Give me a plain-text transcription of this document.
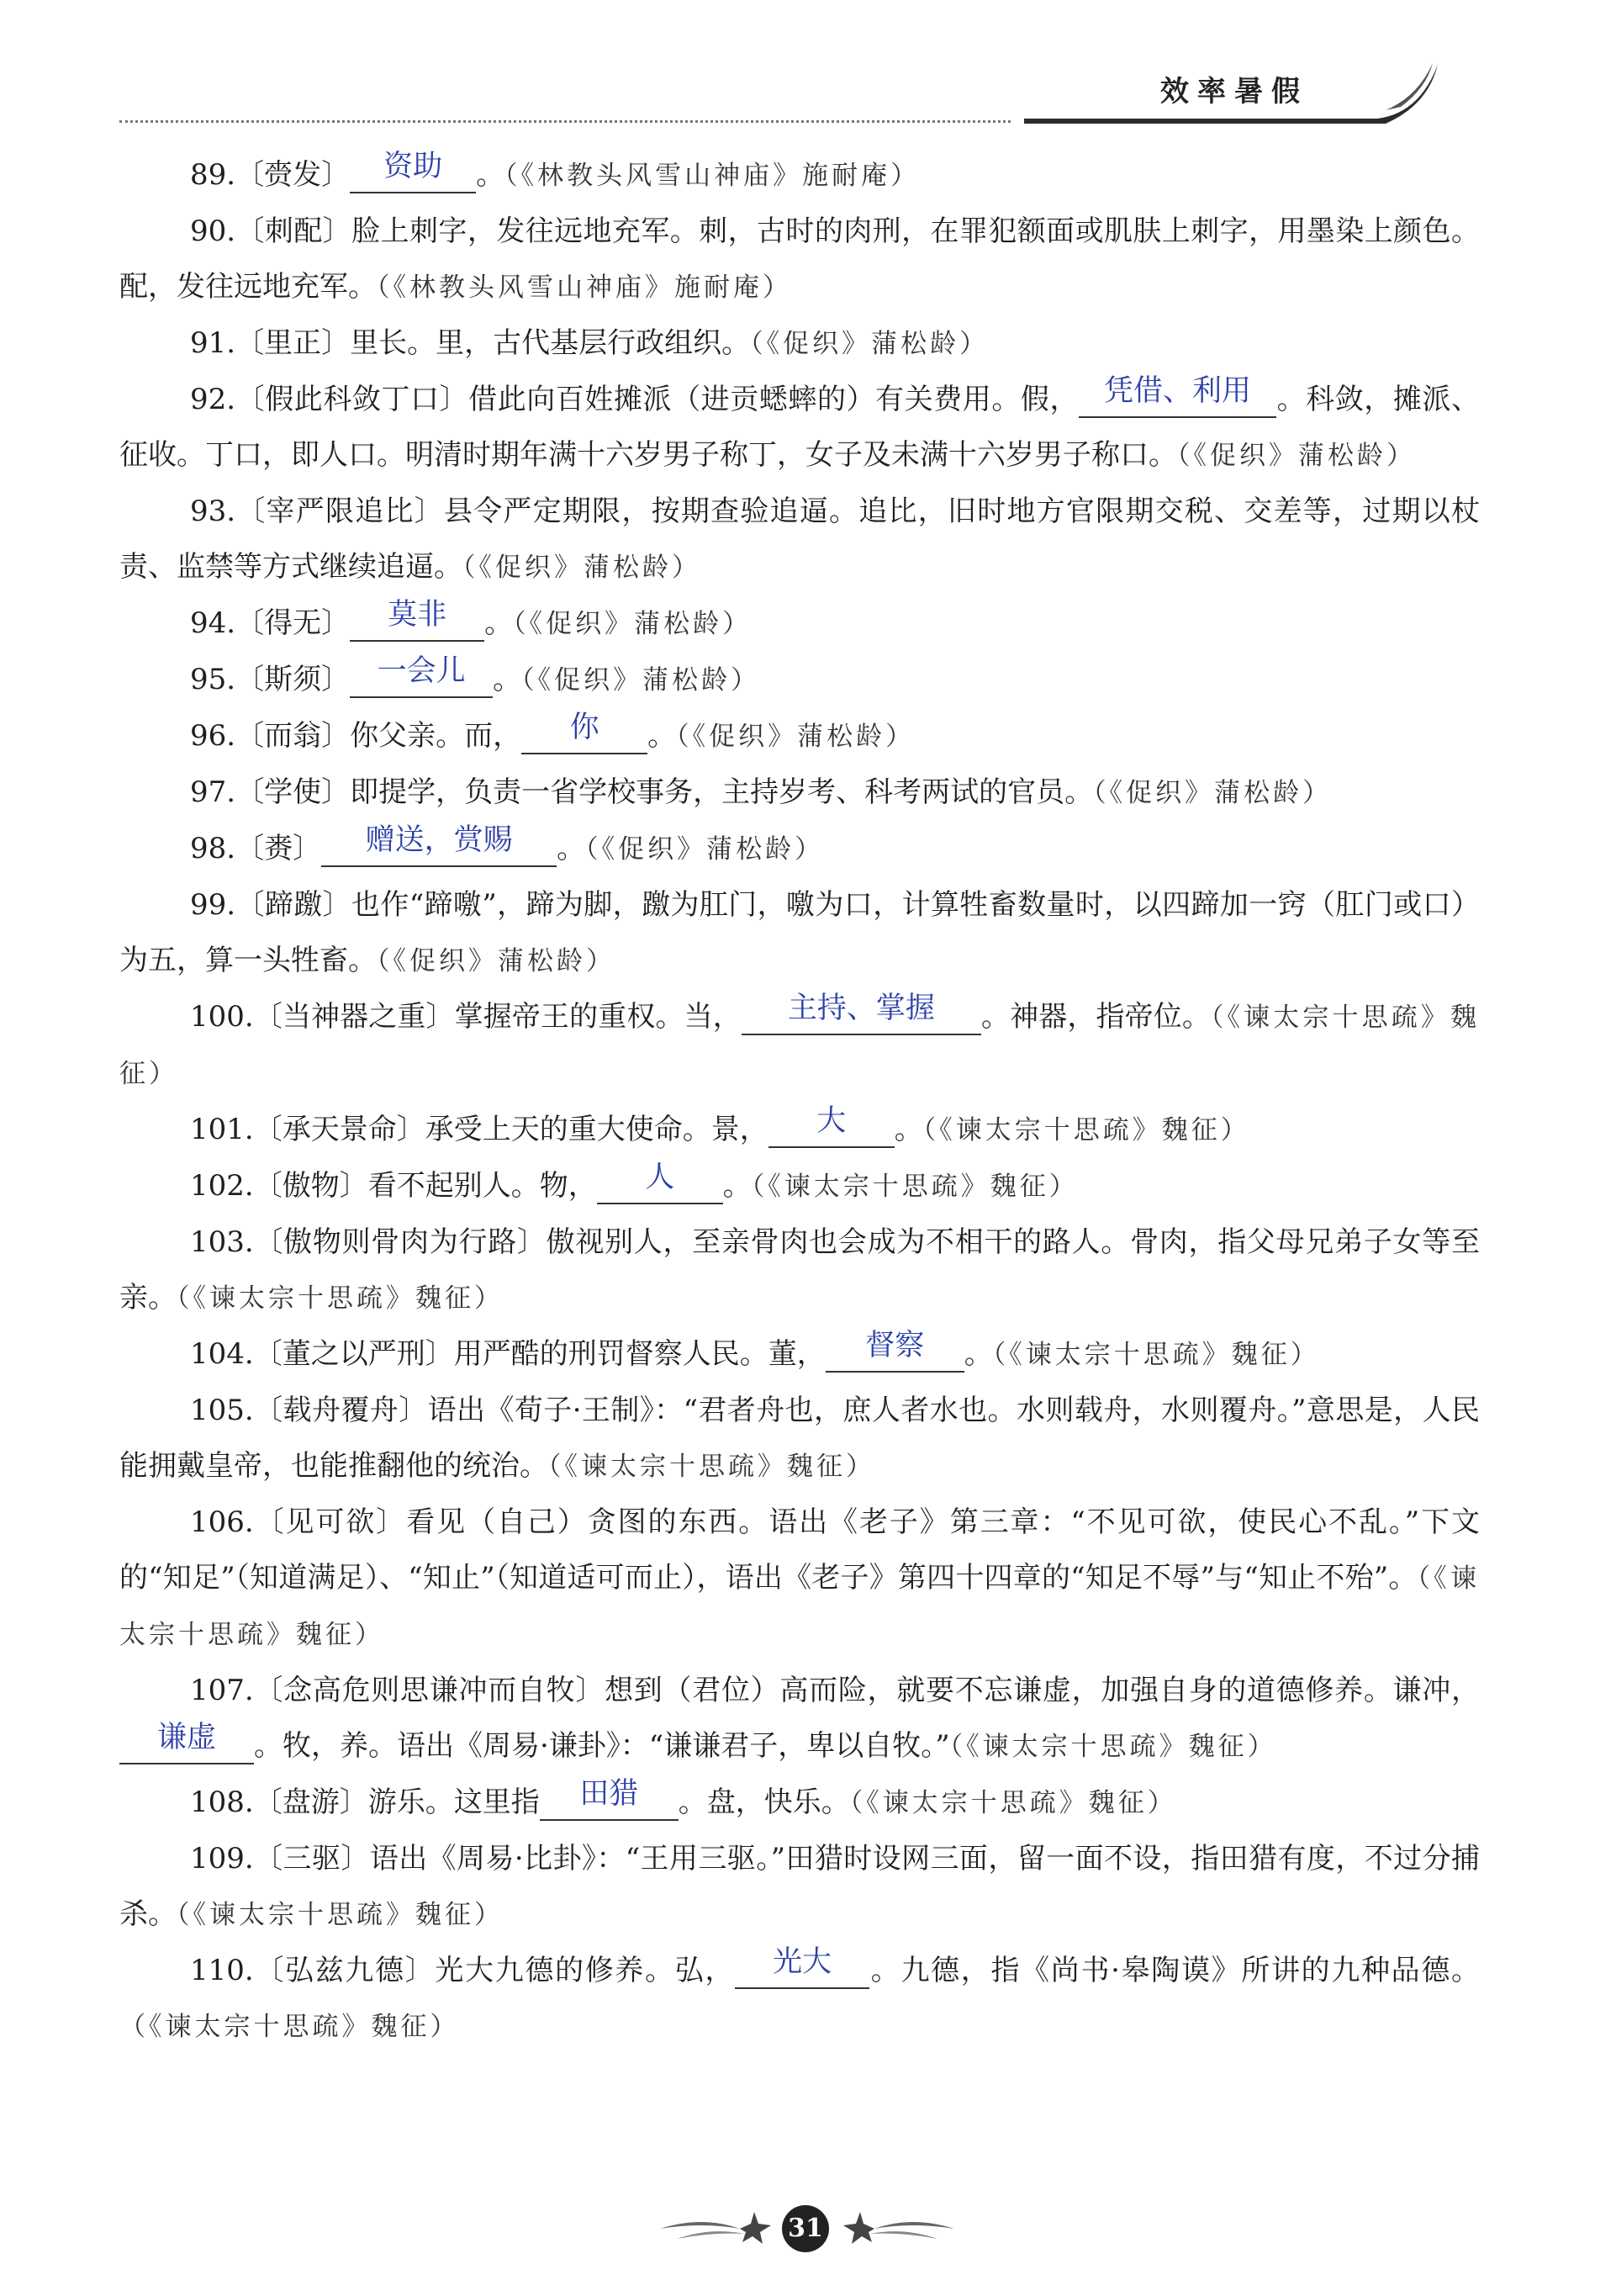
效率暑假

89.〔赍发〕 资助 。（《林教头风雪山神庙》施耐庵）

90.〔刺配〕脸上刺字，发往远地充军。刺，古时的肉刑，在罪犯额面或肌肤上刺字，用墨染上颜色。配，发往远地充军。（《林教头风雪山神庙》施耐庵）

91.〔里正〕里长。里，古代基层行政组织。（《促织》蒲松龄）

92.〔假此科敛丁口〕借此向百姓摊派（进贡蟋蟀的）有关费用。假， 凭借、利用 。科敛，摊派、征收。丁口，即人口。明清时期年满十六岁男子称丁，女子及未满十六岁男子称口。（《促织》蒲松龄）

93.〔宰严限追比〕县令严定期限，按期查验追逼。追比，旧时地方官限期交税、交差等，过期以杖责、监禁等方式继续追逼。（《促织》蒲松龄）

94.〔得无〕 莫非 。（《促织》蒲松龄）

95.〔斯须〕 一会儿 。（《促织》蒲松龄）

96.〔而翁〕你父亲。而， 你 。（《促织》蒲松龄）

97.〔学使〕即提学，负责一省学校事务，主持岁考、科考两试的官员。（《促织》蒲松龄）

98.〔赉〕 赠送，赏赐 。（《促织》蒲松龄）

99.〔蹄躈〕也作“蹄噭”，蹄为脚，躈为肛门，噭为口，计算牲畜数量时，以四蹄加一窍（肛门或口）为五，算一头牲畜。（《促织》蒲松龄）

100.〔当神器之重〕掌握帝王的重权。当， 主持、掌握 。神器，指帝位。（《谏太宗十思疏》魏征）

101.〔承天景命〕承受上天的重大使命。景， 大 。（《谏太宗十思疏》魏征）

102.〔傲物〕看不起别人。物， 人 。（《谏太宗十思疏》魏征）

103.〔傲物则骨肉为行路〕傲视别人，至亲骨肉也会成为不相干的路人。骨肉，指父母兄弟子女等至亲。（《谏太宗十思疏》魏征）

104.〔董之以严刑〕用严酷的刑罚督察人民。董， 督察 。（《谏太宗十思疏》魏征）

105.〔载舟覆舟〕语出《荀子·王制》：“君者舟也，庶人者水也。水则载舟，水则覆舟。”意思是，人民能拥戴皇帝，也能推翻他的统治。（《谏太宗十思疏》魏征）

106.〔见可欲〕看见（自己）贪图的东西。语出《老子》第三章：“不见可欲，使民心不乱。”下文的“知足”（知道满足）、“知止”（知道适可而止），语出《老子》第四十四章的“知足不辱”与“知止不殆”。（《谏太宗十思疏》魏征）

107.〔念高危则思谦冲而自牧〕想到（君位）高而险，就要不忘谦虚，加强自身的道德修养。谦冲，谦虚 。牧，养。语出《周易·谦卦》：“谦谦君子，卑以自牧。”（《谏太宗十思疏》魏征）

108.〔盘游〕游乐。这里指 田猎 。盘，快乐。（《谏太宗十思疏》魏征）

109.〔三驱〕语出《周易·比卦》：“王用三驱。”田猎时设网三面，留一面不设，指田猎有度，不过分捕杀。（《谏太宗十思疏》魏征）

110.〔弘兹九德〕光大九德的修养。弘， 光大 。九德，指《尚书·皋陶谟》所讲的九种品德。（《谏太宗十思疏》魏征）

31
